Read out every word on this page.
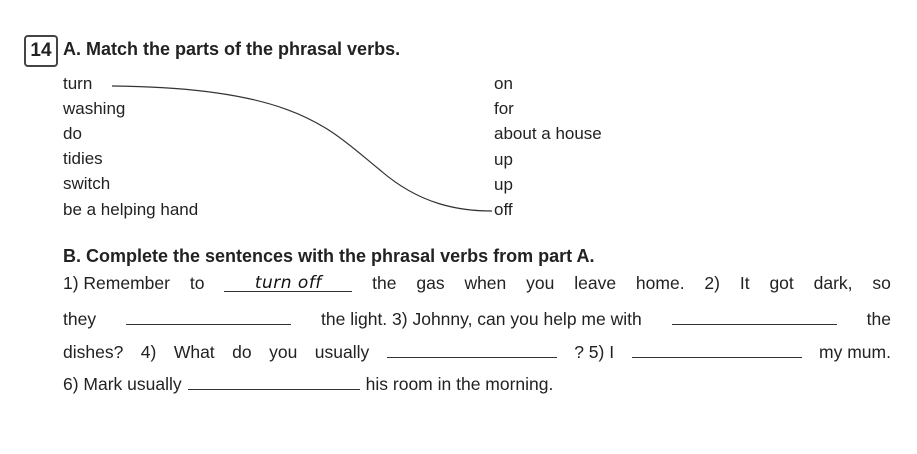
14 A. Match the parts of the phrasal verbs.
turn
washing
do
tidies
switch
be a helping hand
on
for
about a house
up
up
off
B. Complete the sentences with the phrasal verbs from part A.
1) Remember to	turn off	the gas when you leave home. 2) It got dark, so
they	the light. 3) Johnny, can you help me with	the
dishes? 4) What do you usually	? 5) I	my mum.
6) Mark usually	his room in the morning.
